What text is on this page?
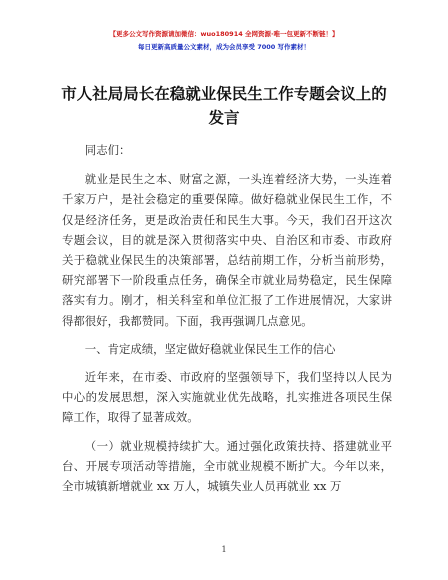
【更多公文写作资源请加微信：wuo180914 全网资源·唯一包更新不断链！】
每日更新高质量公文素材，成为会员享受 7000 写作素材！
市人社局局长在稳就业保民生工作专题会议上的发言

同志们：

就业是民生之本、财富之源，一头连着经济大势，一头连着千家万户，是社会稳定的重要保障。做好稳就业保民生工作，不仅是经济任务，更是政治责任和民生大事。今天，我们召开这次专题会议，目的就是深入贯彻落实中央、自治区和市委、市政府关于稳就业保民生的决策部署，总结前期工作，分析当前形势，研究部署下一阶段重点任务，确保全市就业局势稳定，民生保障落实有力。刚才，相关科室和单位汇报了工作进展情况，大家讲得都很好，我都赞同。下面，我再强调几点意见。

一、肯定成绩，坚定做好稳就业保民生工作的信心

近年来，在市委、市政府的坚强领导下，我们坚持以人民为中心的发展思想，深入实施就业优先战略，扎实推进各项民生保障工作，取得了显著成效。

（一）就业规模持续扩大。通过强化政策扶持、搭建就业平台、开展专项活动等措施，全市就业规模不断扩大。今年以来，全市城镇新增就业 xx 万人，城镇失业人员再就业 xx 万

1
